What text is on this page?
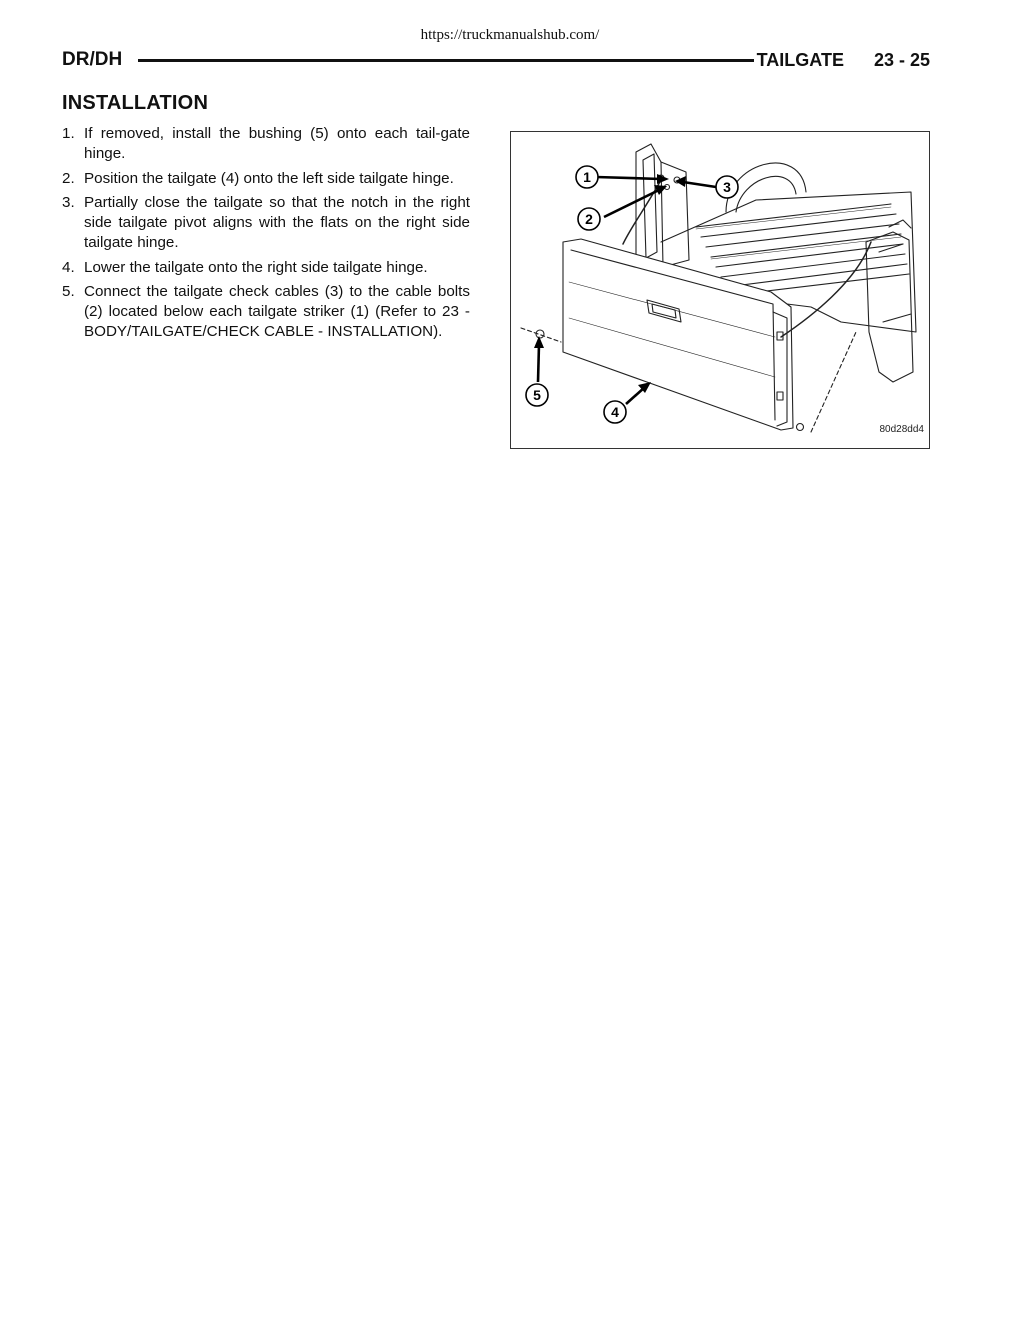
https://truckmanualshub.com/
DR/DH	TAILGATE 23 - 25
INSTALLATION
1. If removed, install the bushing (5) onto each tail-gate hinge.
2. Position the tailgate (4) onto the left side tailgate hinge.
3. Partially close the tailgate so that the notch in the right side tailgate pivot aligns with the flats on the right side tailgate hinge.
4. Lower the tailgate onto the right side tailgate hinge.
5. Connect the tailgate check cables (3) to the cable bolts (2) located below each tailgate striker (1) (Refer to 23 - BODY/TAILGATE/CHECK CABLE - INSTALLATION).
1
2
3
4
5
80d28dd4
